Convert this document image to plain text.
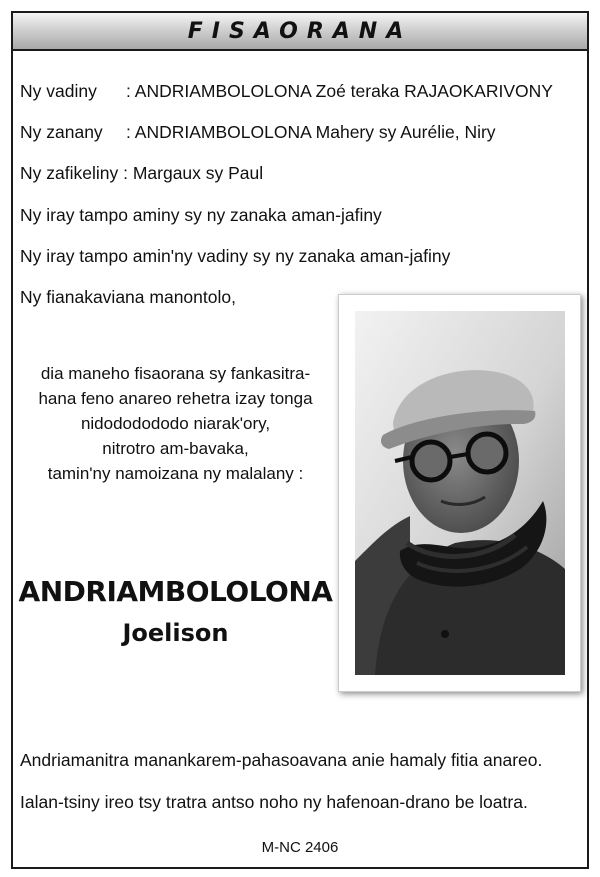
FISAORANA
Ny vadiny : ANDRIAMBOLOLONA Zoé teraka RAJAOKARIVONY
Ny zanany : ANDRIAMBOLOLONA Mahery sy Aurélie, Niry
Ny zafikeliny : Margaux sy Paul
Ny iray tampo aminy sy ny zanaka aman-jafiny
Ny iray tampo amin'ny vadiny sy ny zanaka aman-jafiny
Ny fianakaviana manontolo,
dia maneho fisaorana sy fankasitra-
hana feno anareo rehetra izay tonga
nidododododo niarak'ory,
nitrotro am-bavaka,
tamin'ny namoizana ny malalany :
ANDRIAMBOLOLONA
Joelison
Andriamanitra manankarem-pahasoavana anie hamaly fitia anareo.
Ialan-tsiny ireo tsy tratra antso noho ny hafenoan-drano be loatra.
M-NC 2406
